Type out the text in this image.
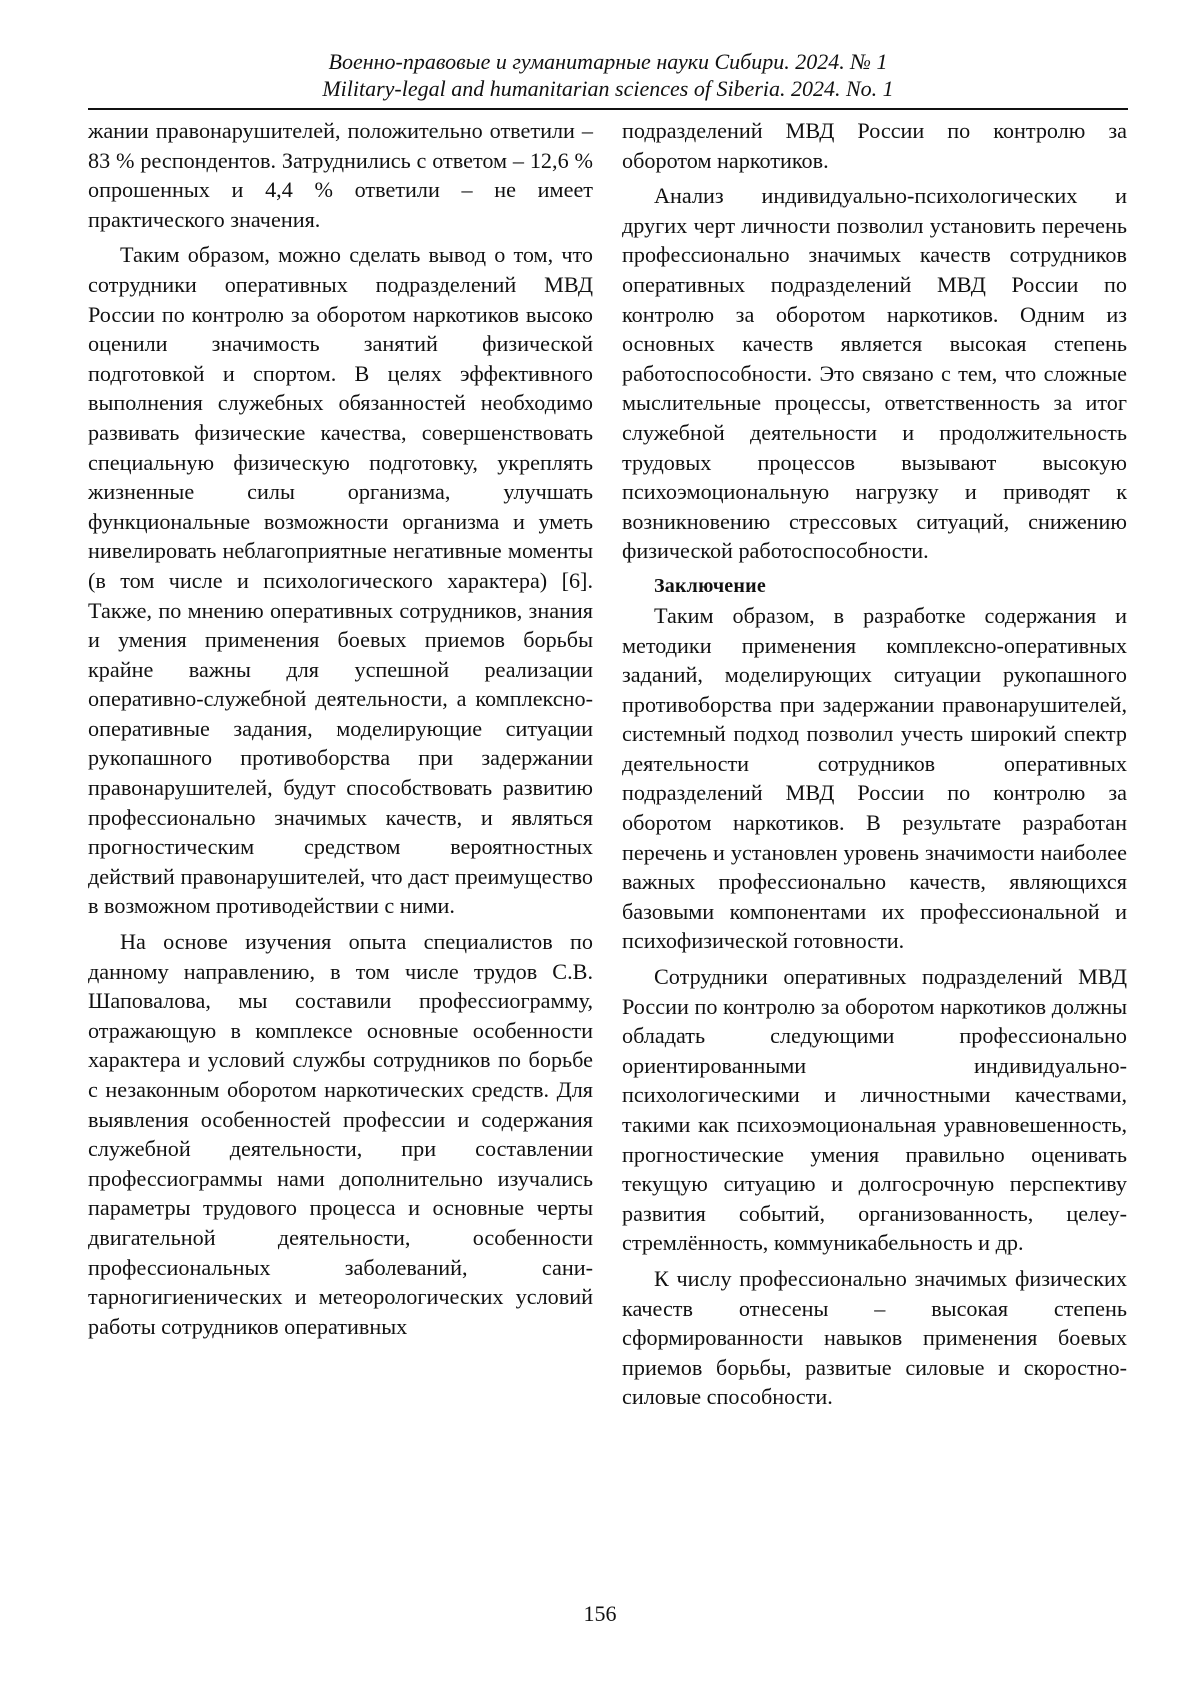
Военно-правовые и гуманитарные науки Сибири. 2024. № 1
Military-legal and humanitarian sciences of Siberia. 2024. No. 1

жании правонарушителей, положительно ответили – 83 % респондентов. Затруднились с ответом – 12,6 % опрошенных и 4,4 % ответили – не имеет практического значения.

Таким образом, можно сделать вывод о том, что сотрудники оперативных подразделений МВД России по контролю за оборотом наркотиков высоко оценили значимость занятий физической подготовкой и спортом. В целях эффективного выполнения служебных обязанностей необходимо развивать физические качества, совершенствовать специальную физическую подготовку, укреплять жизненные силы организма, улучшать функциональные возможности организма и уметь нивелировать неблагоприятные негативные моменты (в том числе и психологического характера) [6]. Также, по мнению оперативных сотрудников, знания и умения применения боевых приемов борьбы крайне важны для успешной реализации оперативно-служебной деятельности, а комплексно-оперативные задания, моделирующие ситуации рукопашного противоборства при задержании правонарушителей, будут способствовать развитию профессионально значимых качеств, и являться прогностическим средством вероятностных действий правонарушителей, что даст преимущество в возможном противодействии с ними.

На основе изучения опыта специалистов по данному направлению, в том числе трудов С.В. Шаповалова, мы составили профессиограмму, отражающую в комплексе основные особенности характера и условий службы сотрудников по борьбе с незаконным оборотом наркотических средств. Для выявления особенностей профессии и содержания служебной деятельности, при составлении профессиограммы нами дополнительно изучались параметры трудового процесса и основные черты двигательной деятельности, особенности профессиональных заболеваний, санитарногигиенических и метеорологических условий работы сотрудников оперативных

подразделений МВД России по контролю за оборотом наркотиков.

Анализ индивидуально-психологических и других черт личности позволил установить перечень профессионально значимых качеств сотрудников оперативных подразделений МВД России по контролю за оборотом наркотиков. Одним из основных качеств является высокая степень работоспособности. Это связано с тем, что сложные мыслительные процессы, ответственность за итог служебной деятельности и продолжительность трудовых процессов вызывают высокую психоэмоциональную нагрузку и приводят к возникновению стрессовых ситуаций, снижению физической работоспособности.

Заключение

Таким образом, в разработке содержания и методики применения комплексно-оперативных заданий, моделирующих ситуации рукопашного противоборства при задержании правонарушителей, системный подход позволил учесть широкий спектр деятельности сотрудников оперативных подразделений МВД России по контролю за оборотом наркотиков. В результате разработан перечень и установлен уровень значимости наиболее важных профессионально качеств, являющихся базовыми компонентами их профессиональной и психофизической готовности.

Сотрудники оперативных подразделений МВД России по контролю за оборотом наркотиков должны обладать следующими профессионально ориентированными индивидуально-психологическими и личностными качествами, такими как психоэмоциональная уравновешенность, прогностические умения правильно оценивать текущую ситуацию и долгосрочную перспективу развития событий, организованность, целеустремлённость, коммуникабельность и др.

К числу профессионально значимых физических качеств отнесены – высокая степень сформированности навыков применения боевых приемов борьбы, развитые силовые и скоростно-силовые способности.

156
